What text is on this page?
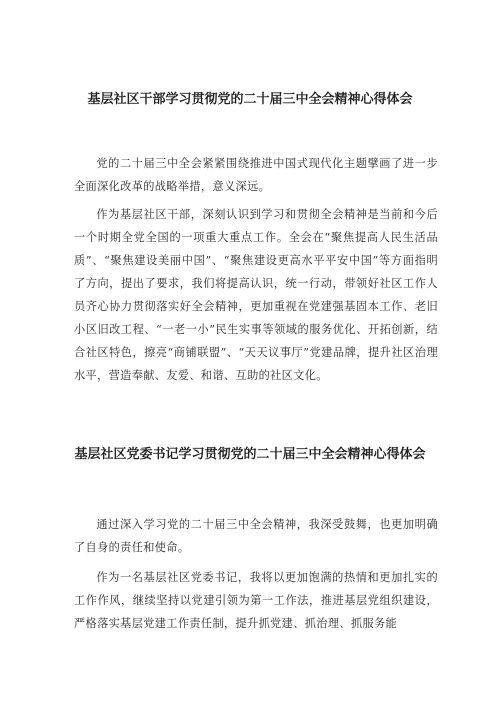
基层社区干部学习贯彻党的二十届三中全会精神心得体会
党的二十届三中全会紧紧围绕推进中国式现代化主题擘画了进一步全面深化改革的战略举措，意义深远。
作为基层社区干部，深刻认识到学习和贯彻全会精神是当前和今后一个时期全党全国的一项重大重点工作。全会在“聚焦提高人民生活品质”、“聚焦建设美丽中国”、“聚焦建设更高水平平安中国”等方面指明了方向，提出了要求，我们将提高认识，统一行动，带领好社区工作人员齐心协力贯彻落实好全会精神，更加重视在党建强基固本工作、老旧小区旧改工程、“一老一小”民生实事等领域的服务优化、开拓创新，结合社区特色，擦亮“商铺联盟”、“天天议事厅”党建品牌，提升社区治理水平，营造奉献、友爱、和谐、互助的社区文化。
基层社区党委书记学习贯彻党的二十届三中全会精神心得体会
通过深入学习党的二十届三中全会精神，我深受鼓舞，也更加明确了自身的责任和使命。
作为一名基层社区党委书记，我将以更加饱满的热情和更加扎实的工作作风，继续坚持以党建引领为第一工作法，推进基层党组织建设，严格落实基层党建工作责任制，提升抓党建、抓治理、抓服务能
